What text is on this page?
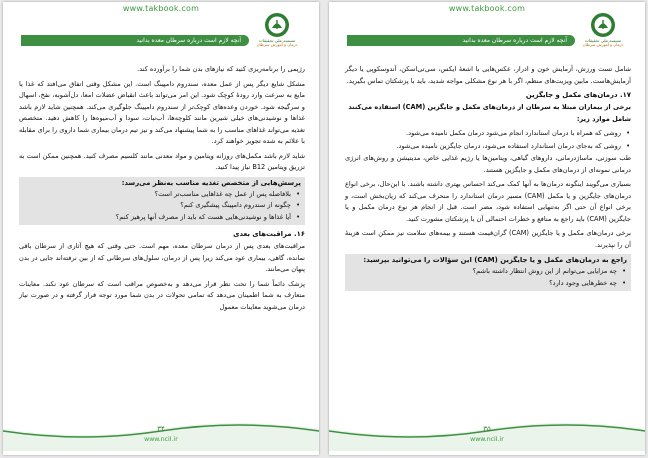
www.takbook.com
مسسه ملی تحقیقات
درمان و آموزش سرطان
آنچه لازم است درباره سرطان معده بدانید

رژیمی را برنامه‌ریزی کنید که نیازهای بدن شما را برآورده کند.

مشکل شایع دیگر پس از عمل معده، سندروم دامپینگ است. این مشکل وقتی اتفاق می‌افتد که غذا یا مایع به سرعت وارد رودهٔ کوچک شود. این امر می‌تواند باعث انقباض عضلات امعا، دل‌آشوبه، نفخ، اسهال و سرگیجه شود. خوردن وعده‌های کوچک‌تر از سندروم دامپینگ جلوگیری می‌کند. همچنین شاید لازم باشد غذاها و نوشیدنی‌های خیلی شیرین مانند کلوچه‌ها، آب‌نبات، سودا و آب‌میوه‌ها را کاهش دهید. متخصص تغذیه می‌تواند غذاهای مناسب را به شما پیشنهاد می‌کند و نیز تیم درمان بیماری شما داروی را برای مقابله با علائم به شده تجویز خواهند کرد.

شاید لازم باشد مکمل‌های روزانه ویتامین و مواد معدنی مانند کلسیم مصرف کنید. همچنین ممکن است به تزریق ویتامین B12 نیاز پیدا کنید.

پرسش‌هایی از متخصص تغذیه مناسب به‌نظر می‌رسد:
• بلافاصله پس از عمل چه غذاهایی مناسب‌تر است؟
• چگونه از سندروم دامپینگ پیشگیری کنم؟
• آیا غذاها و نوشیدنی‌هایی هست که باید از مصرف آنها پرهیز کنم؟
۱۶. مراقبت‌های بعدی

مراقبت‌های بعدی پس از درمان سرطان معده، مهم است. حتی وقتی که هیچ آثاری از سرطان باقی نمانده، گاهی، بیماری عود می‌کند زیرا پس از درمان، سلول‌های سرطانی که از بین نرفته‌اند جایی در بدن پنهان می‌مانند.

پزشک دائماً شما را تحت نظر قرار می‌دهد و به‌خصوص مراقب است که سرطان عود نکند. معاینات متعارف به شما اطمینان می‌دهد که تمامی تحولات در بدن شما مورد توجه قرار گرفته و در صورت نیاز درمان می‌شوید معاینات معمول

۳۴
www.nciI.ir
www.takbook.com
مسسه ملی تحقیقات
درمان و آموزش سرطان
آنچه لازم است درباره سرطان معده بدانید

شامل تست ورزش، آزمایش خون و ادرار، عکس‌هایی با اشعهٔ ایکس، سی‌تی‌اسکن، آندوسکوپی یا دیگر آزمایش‌هاست. مابین ویزیت‌های منظم، اگر با هر نوع مشکلی مواجه شدید، باید با پزشکتان تماس بگیرید.

۱۷. درمان‌های مکمل و جایگزین

برخی از بیماران مبتلا به سرطان از درمان‌های مکمل و جایگزین (CAM) استفاده می‌کنند شامل موارد زیر:

• روشی که همراه با درمان استاندارد انجام می‌شود درمان مکمل نامیده می‌شود.
• روشی که به‌جای درمان استاندارد استفاده می‌شود، درمان جایگزین نامیده می‌شود.

طب سوزنی، ماساژدرمانی، داروهای گیاهی، ویتامین‌ها یا رژیم غذایی خاص، مدیتیشن و روش‌های انرژی درمانی نمونه‌ای از درمان‌های مکمل و جایگزین هستند.

بسیاری می‌گویند اینگونه درمان‌ها به آنها کمک می‌کند احساس بهتری داشته باشند. با این‌حال، برخی انواع درمان‌های جایگزین و یا مکمل (CAM) مسیر درمان استاندارد را منحرف می‌کند که زیان‌بخش است، و برخی انواع آن حتی اگر به‌تنهایی استفاده شود، مضر است. قبل از انجام هر نوع درمان مکمل و یا جایگزین (CAM) باید راجع به منافع و خطرات احتمالی آن با پزشکتان مشورت کنید.

برخی درمان‌های مکمل و یا جایگزین (CAM) گران‌قیمت هستند و بیمه‌های سلامت نیز ممکن است هزینهٔ آن را نپذیرند.

راجع به درمان‌های مکمل و یا جایگزین (CAM) این سؤالات را می‌توانید بپرسید:
• چه مزایایی می‌توانم از این روش انتظار داشته باشم؟
• چه خطرهایی وجود دارد؟
۳۵
www.nciI.ir
